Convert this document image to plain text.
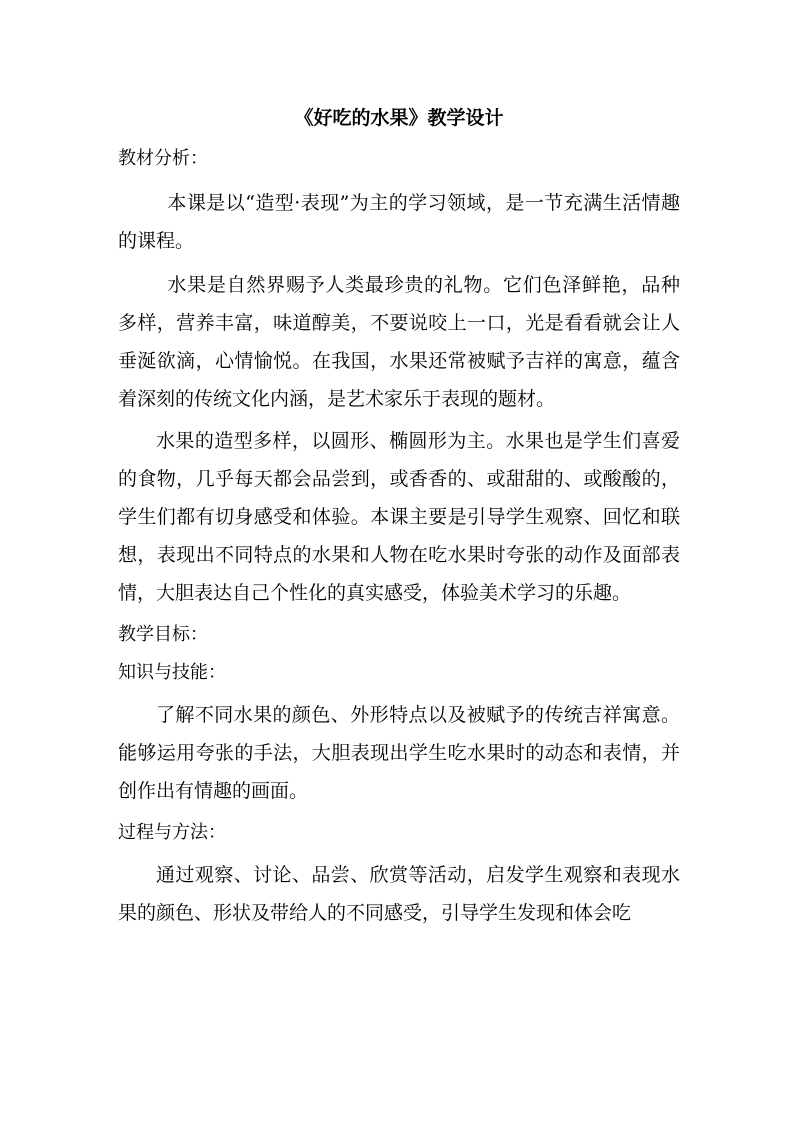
《好吃的水果》教学设计

教材分析：

本课是以“造型·表现”为主的学习领域，是一节充满生活情趣的课程。

水果是自然界赐予人类最珍贵的礼物。它们色泽鲜艳，品种多样，营养丰富，味道醇美，不要说咬上一口，光是看看就会让人垂涎欲滴，心情愉悦。在我国，水果还常被赋予吉祥的寓意，蕴含着深刻的传统文化内涵，是艺术家乐于表现的题材。

水果的造型多样，以圆形、椭圆形为主。水果也是学生们喜爱的食物，几乎每天都会品尝到，或香香的、或甜甜的、或酸酸的，学生们都有切身感受和体验。本课主要是引导学生观察、回忆和联想，表现出不同特点的水果和人物在吃水果时夸张的动作及面部表情，大胆表达自己个性化的真实感受，体验美术学习的乐趣。

教学目标：

知识与技能：

了解不同水果的颜色、外形特点以及被赋予的传统吉祥寓意。能够运用夸张的手法，大胆表现出学生吃水果时的动态和表情，并创作出有情趣的画面。

过程与方法：

通过观察、讨论、品尝、欣赏等活动，启发学生观察和表现水果的颜色、形状及带给人的不同感受，引导学生发现和体会吃
